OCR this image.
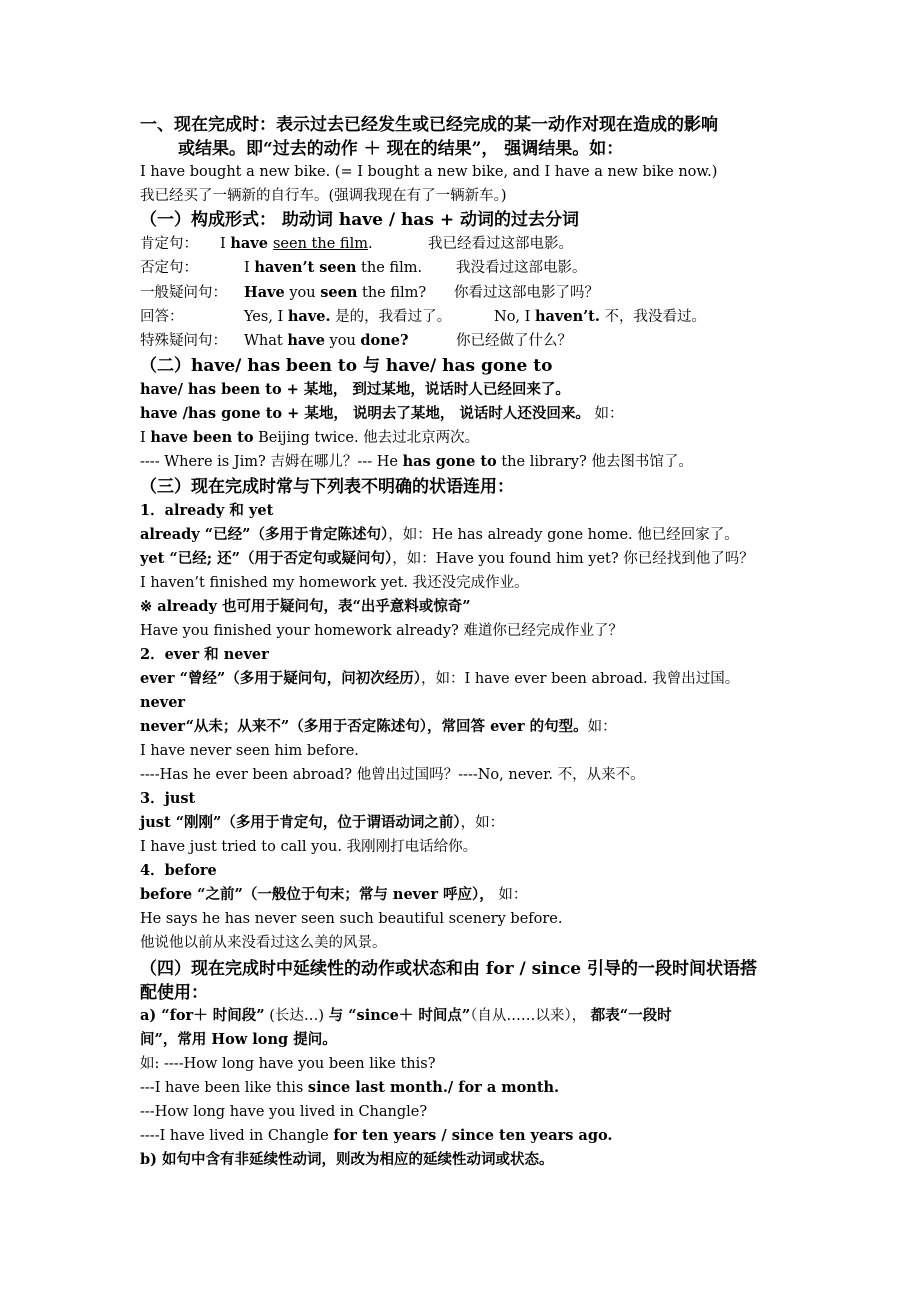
一、现在完成时：表示过去已经发生或已经完成的某一动作对现在造成的影响
或结果。即“过去的动作 ＋ 现在的结果”， 强调结果。如：
I have bought a new bike. (= I bought a new bike, and I have a new bike now.)
我已经买了一辆新的自行车。(强调我现在有了一辆新车。)
（一）构成形式： 助动词 have / has + 动词的过去分词
肯定句： I have seen the film.	我已经看过这部电影。
否定句：	I haven’t seen the film. 我没看过这部电影。
一般疑问句： Have you seen the film? 你看过这部电影了吗？
回答：	Yes, I have. 是的，我看过了。	No, I haven’t. 不，我没看过。
特殊疑问句： What have you done?	你已经做了什么？
（二）have/ has been to 与 have/ has gone to
have/ has been to + 某地， 到过某地，说话时人已经回来了。
have /has gone to + 某地， 说明去了某地， 说话时人还没回来。 如：
I have been to Beijing twice. 他去过北京两次。
---- Where is Jim? 吉姆在哪儿？--- He has gone to the library? 他去图书馆了。
（三）现在完成时常与下列表不明确的状语连用：
1．already 和 yet
already “已经”（多用于肯定陈述句），如：He has already gone home. 他已经回家了。
yet “已经; 还”（用于否定句或疑问句），如：Have you found him yet? 你已经找到他了吗？
I haven’t finished my homework yet. 我还没完成作业。
※ already 也可用于疑问句，表“出乎意料或惊奇”
Have you finished your homework already? 难道你已经完成作业了？
2．ever 和 never
ever “曾经”（多用于疑问句，问初次经历），如：I have ever been abroad. 我曾出过国。
never
never“从未；从来不”（多用于否定陈述句），常回答 ever 的句型。如：
I have never seen him before.
----Has he ever been abroad? 他曾出过国吗？----No, never. 不，从来不。
3．just
just “刚刚”（多用于肯定句，位于谓语动词之前），如：
I have just tried to call you. 我刚刚打电话给你。
4．before
before “之前”（一般位于句末；常与 never 呼应）， 如：
He says he has never seen such beautiful scenery before.
他说他以前从来没看过这么美的风景。
（四）现在完成时中延续性的动作或状态和由 for / since 引导的一段时间状语搭
配使用：
a) “for＋ 时间段” (长达…) 与 “since＋ 时间点”（自从……以来）， 都表“一段时
间”，常用 How long 提问。
如: ----How long have you been like this?
---I have been like this since last month./ for a month.
---How long have you lived in Changle?
----I have lived in Changle for ten years / since ten years ago.
b) 如句中含有非延续性动词，则改为相应的延续性动词或状态。
